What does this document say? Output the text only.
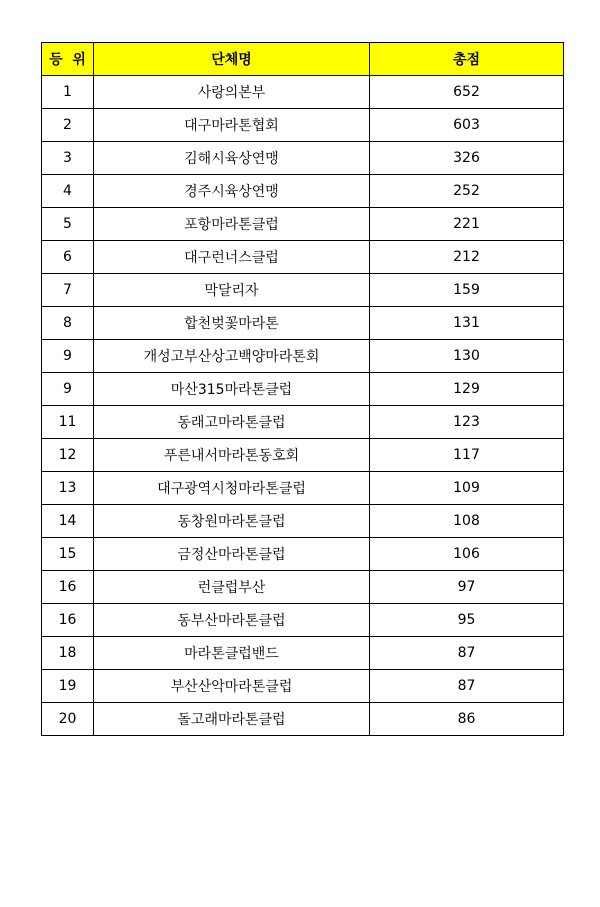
등  위	단체명	총점
1	사랑의본부	652
2	대구마라톤협회	603
3	김해시육상연맹	326
4	경주시육상연맹	252
5	포항마라톤클럽	221
6	대구런너스클럽	212
7	막달리자	159
8	합천벚꽃마라톤	131
9	개성고부산상고백양마라톤회	130
9	마산315마라톤클럽	129
11	동래고마라톤클럽	123
12	푸른내서마라톤동호회	117
13	대구광역시청마라톤클럽	109
14	동창원마라톤클럽	108
15	금정산마라톤클럽	106
16	런클럽부산	97
16	동부산마라톤클럽	95
18	마라톤클럽밴드	87
19	부산산악마라톤클럽	87
20	돌고래마라톤클럽	86
